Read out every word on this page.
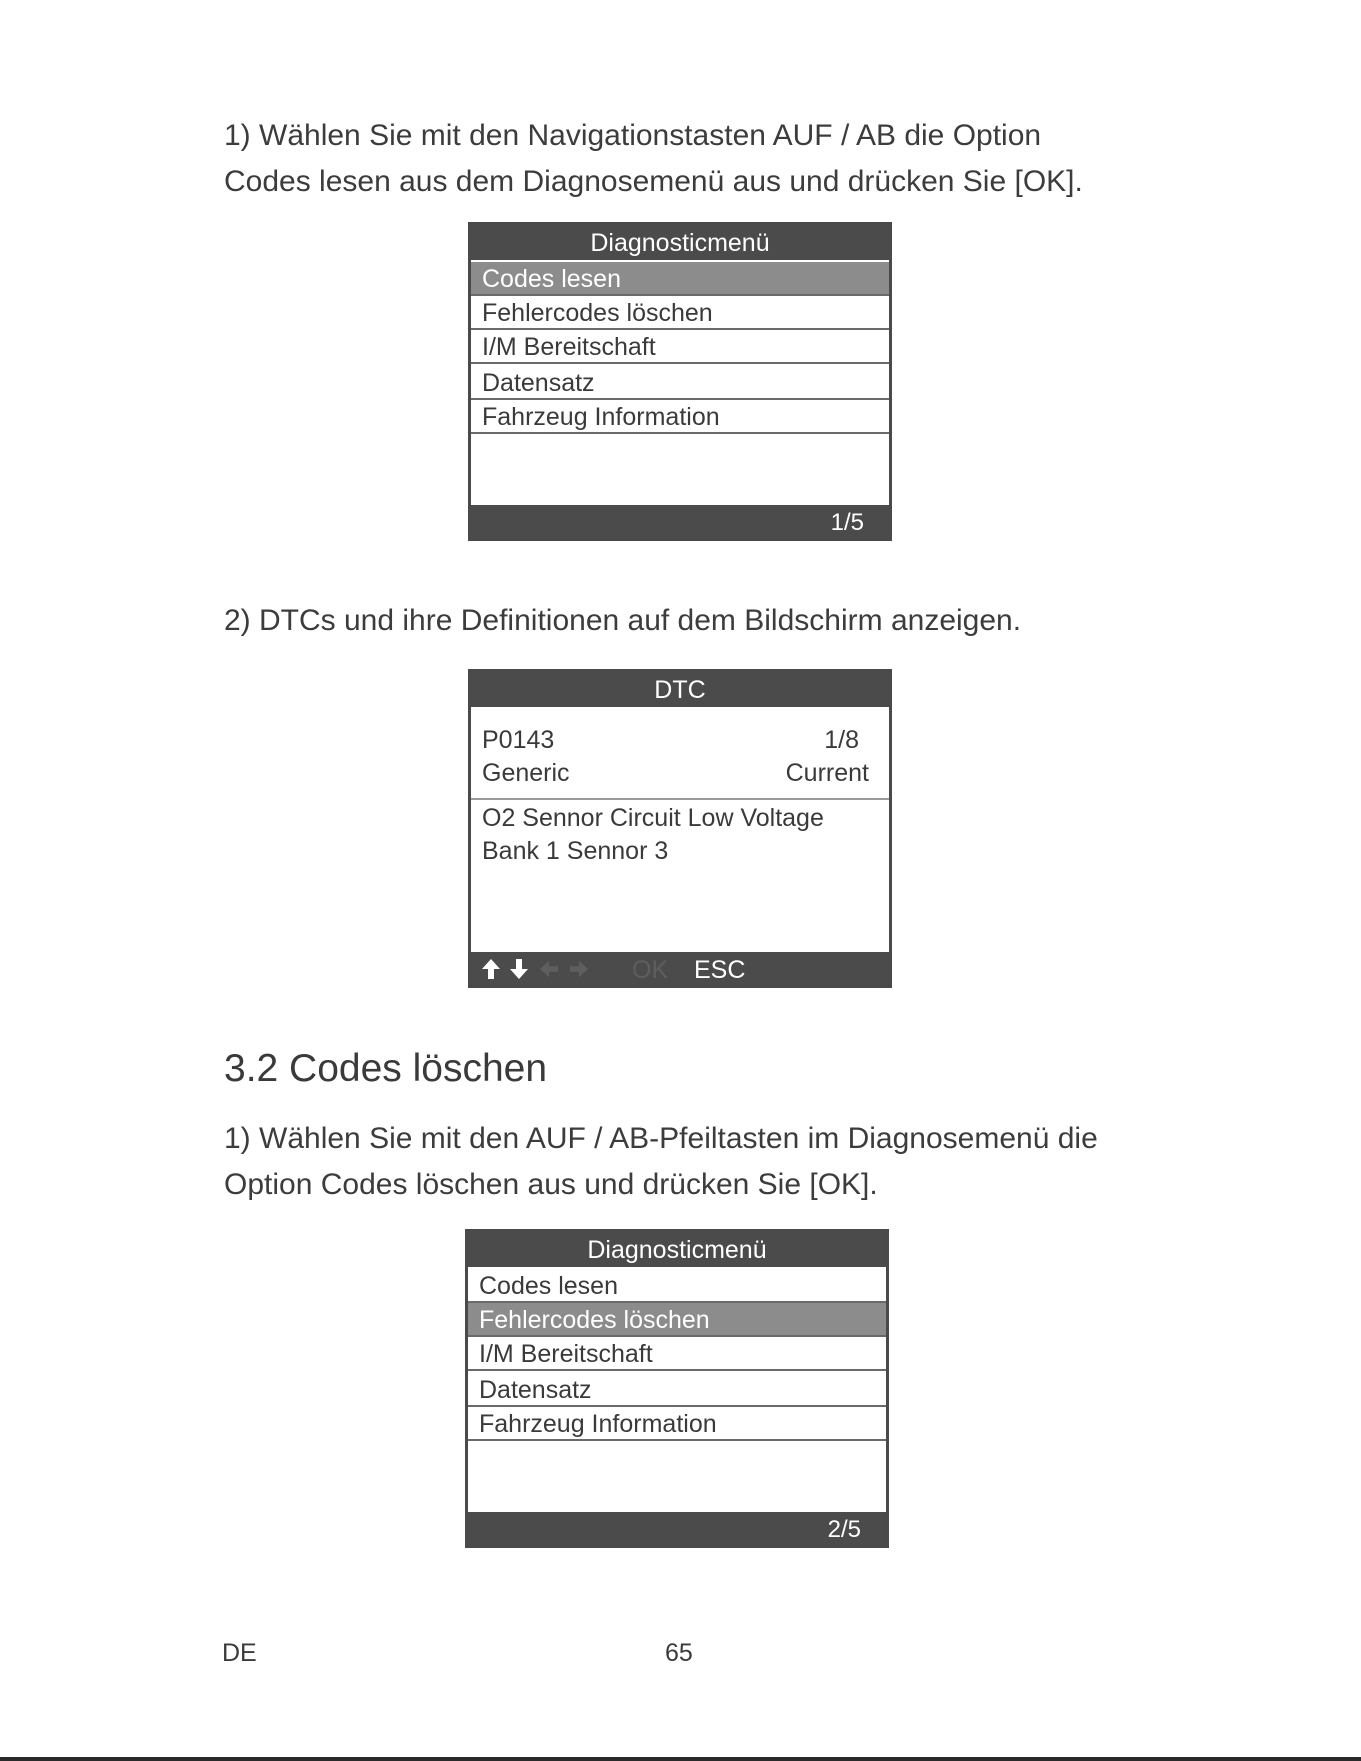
1) Wählen Sie mit den Navigationstasten AUF / AB die Option
Codes lesen aus dem Diagnosemenü aus und drücken Sie [OK].

Diagnosticmenü
Codes lesen
Fehlercodes löschen
I/M Bereitschaft
Datensatz
Fahrzeug Information
1/5

2) DTCs und ihre Definitionen auf dem Bildschirm anzeigen.

DTC
P0143	1/8
Generic	Current
O2 Sennor Circuit Low Voltage
Bank 1 Sennor 3
OK ESC
3.2 Codes löschen

1) Wählen Sie mit den AUF / AB-Pfeiltasten im Diagnosemenü die
Option Codes löschen aus und drücken Sie [OK].

Diagnosticmenü
Codes lesen
Fehlercodes löschen
I/M Bereitschaft
Datensatz
Fahrzeug Information
2/5
DE	65
